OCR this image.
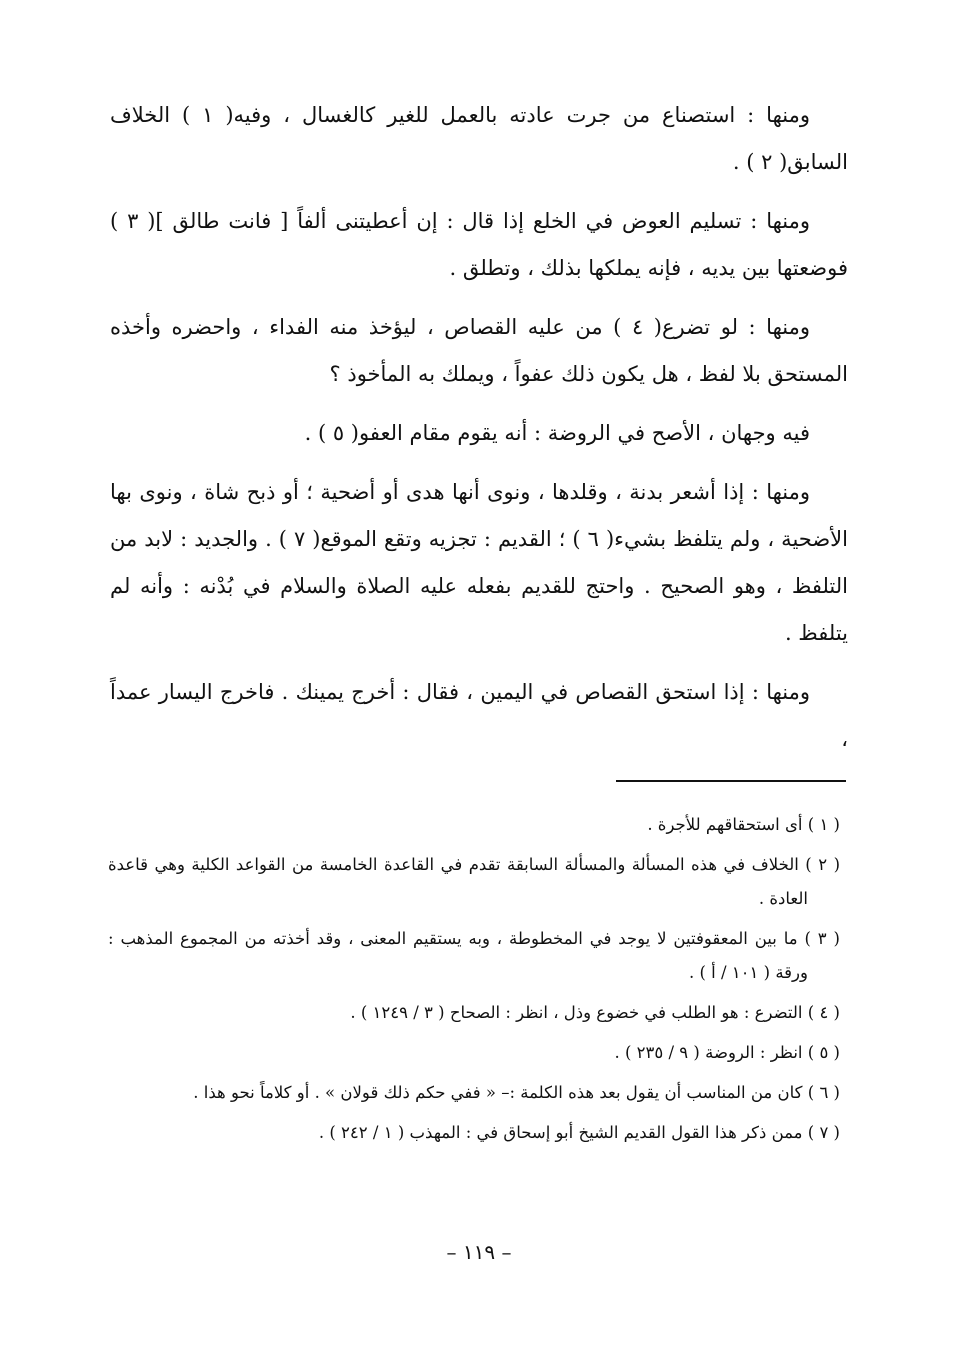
ومنها : استصناع من جرت عادته بالعمل للغير كالغسال ، وفيه( ١ ) الخلاف السابق( ٢ ) .

ومنها : تسليم العوض في الخلع إذا قال : إن أعطيتنى ألفاً [ فانت طالق ]( ٣ ) فوضعتها بين يديه ، فإنه يملكها بذلك ، وتطلق .

ومنها : لو تضرع( ٤ ) من عليه القصاص ، ليؤخذ منه الفداء ، واحضره وأخذه المستحق بلا لفظ ، هل يكون ذلك عفواً ، ويملك به المأخوذ ؟

فيه وجهان ، الأصح في الروضة : أنه يقوم مقام العفو( ٥ ) .

ومنها : إذا أشعر بدنة ، وقلدها ، ونوى أنها هدى أو أضحية ؛ أو ذبح شاة ، ونوى بها الأضحية ، ولم يتلفظ بشيء( ٦ ) ؛ القديم : تجزيه وتقع الموقع( ٧ ) . والجديد : لابد من التلفظ ، وهو الصحيح . واحتج للقديم بفعله عليه الصلاة والسلام في بُدْنه : وأنه لم يتلفظ .

ومنها : إذا استحق القصاص في اليمين ، فقال : أخرج يمينك . فاخرج اليسار عمداً ،

( ١ ) أى استحقاقهم للأجرة .

( ٢ ) الخلاف في هذه المسألة والمسألة السابقة تقدم في القاعدة الخامسة من القواعد الكلية وهي قاعدة العادة .

( ٣ ) ما بين المعقوفتين لا يوجد في المخطوطة ، وبه يستقيم المعنى ، وقد أخذته من المجموع المذهب : ورقة ( ١٠١ / أ ) .

( ٤ ) التضرع : هو الطلب في خضوع وذل ، انظر : الصحاح ( ٣ / ١٢٤٩ ) .

( ٥ ) انظر : الروضة ( ٩ / ٢٣٥ ) .

( ٦ ) كان من المناسب أن يقول بعد هذه الكلمة :– « ففي حكم ذلك قولان » . أو كلاماً نحو هذا .

( ٧ ) ممن ذكر هذا القول القديم الشيخ أبو إسحاق في : المهذب ( ١ / ٢٤٢ ) .

– ١١٩ –
